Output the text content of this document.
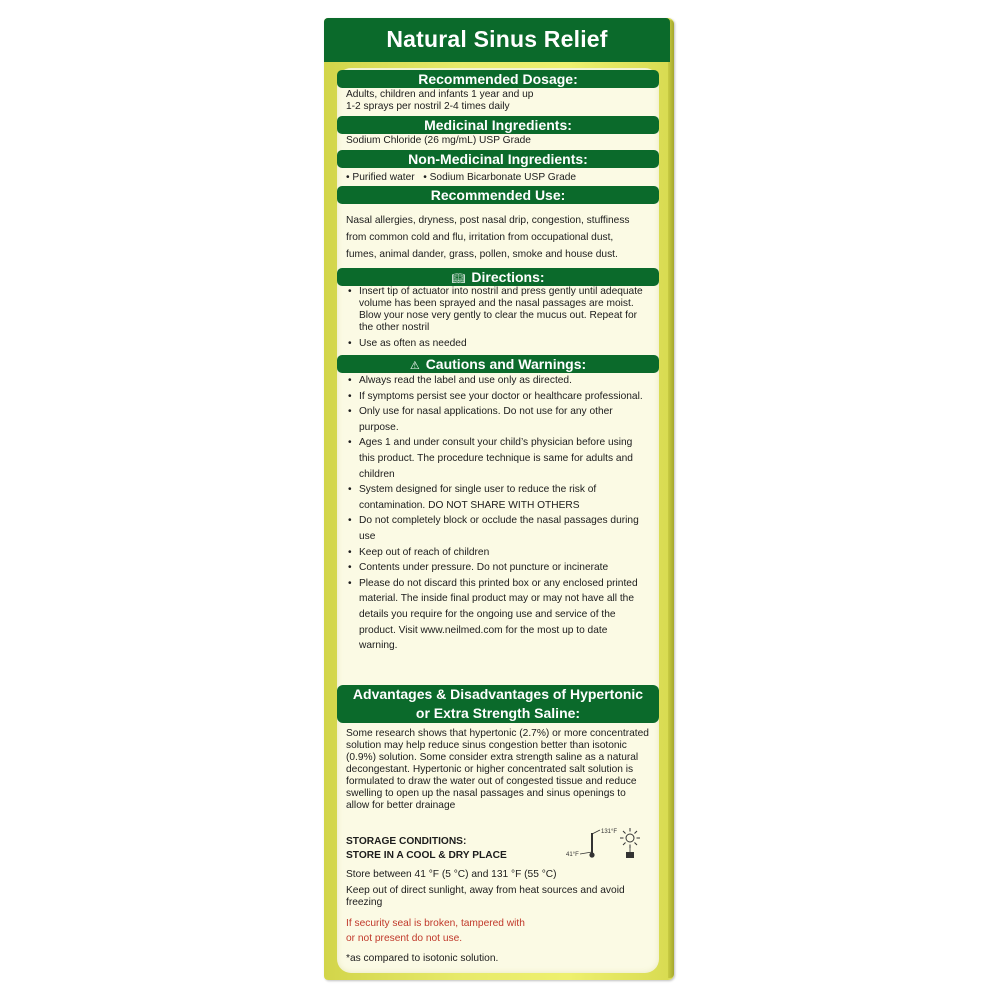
Natural Sinus Relief
Recommended Dosage:
Adults, children and infants 1 year and up
1-2 sprays per nostril 2-4 times daily
Medicinal Ingredients:
Sodium Chloride (26 mg/mL) USP Grade
Non-Medicinal Ingredients:
• Purified water   • Sodium Bicarbonate USP Grade
Recommended Use:
Nasal allergies, dryness, post nasal drip, congestion, stuffiness
from common cold and flu, irritation from occupational dust,
fumes, animal dander, grass, pollen, smoke and house dust.
📖︎ Directions:
• Insert tip of actuator into nostril and press gently until adequate volume has been sprayed and the nasal passages are moist. Blow your nose very gently to clear the mucus out. Repeat for the other nostril
• Use as often as needed
⚠︎ Cautions and Warnings:
• Always read the label and use only as directed.
• If symptoms persist see your doctor or healthcare professional.
• Only use for nasal applications. Do not use for any other purpose.
• Ages 1 and under consult your child’s physician before using this product. The procedure technique is same for adults and children
• System designed for single user to reduce the risk of contamination. DO NOT SHARE WITH OTHERS
• Do not completely block or occlude the nasal passages during use
• Keep out of reach of children
• Contents under pressure. Do not puncture or incinerate
• Please do not discard this printed box or any enclosed printed material. The inside final product may or may not have all the details you require for the ongoing use and service of the product. Visit www.neilmed.com for the most up to date warning.
Advantages & Disadvantages of Hypertonic
or Extra Strength Saline:
Some research shows that hypertonic (2.7%) or more concentrated
solution may help reduce sinus congestion better than isotonic
(0.9%) solution. Some consider extra strength saline as a natural
decongestant. Hypertonic or higher concentrated salt solution is
formulated to draw the water out of congested tissue and reduce
swelling to open up the nasal passages and sinus openings to
allow for better drainage
STORAGE CONDITIONS:
STORE IN A COOL & DRY PLACE
131°F
41°F
Store between 41 °F (5 °C) and 131 °F (55 °C)
Keep out of direct sunlight, away from heat sources and avoid
freezing
If security seal is broken, tampered with
or not present do not use.
*as compared to isotonic solution.
